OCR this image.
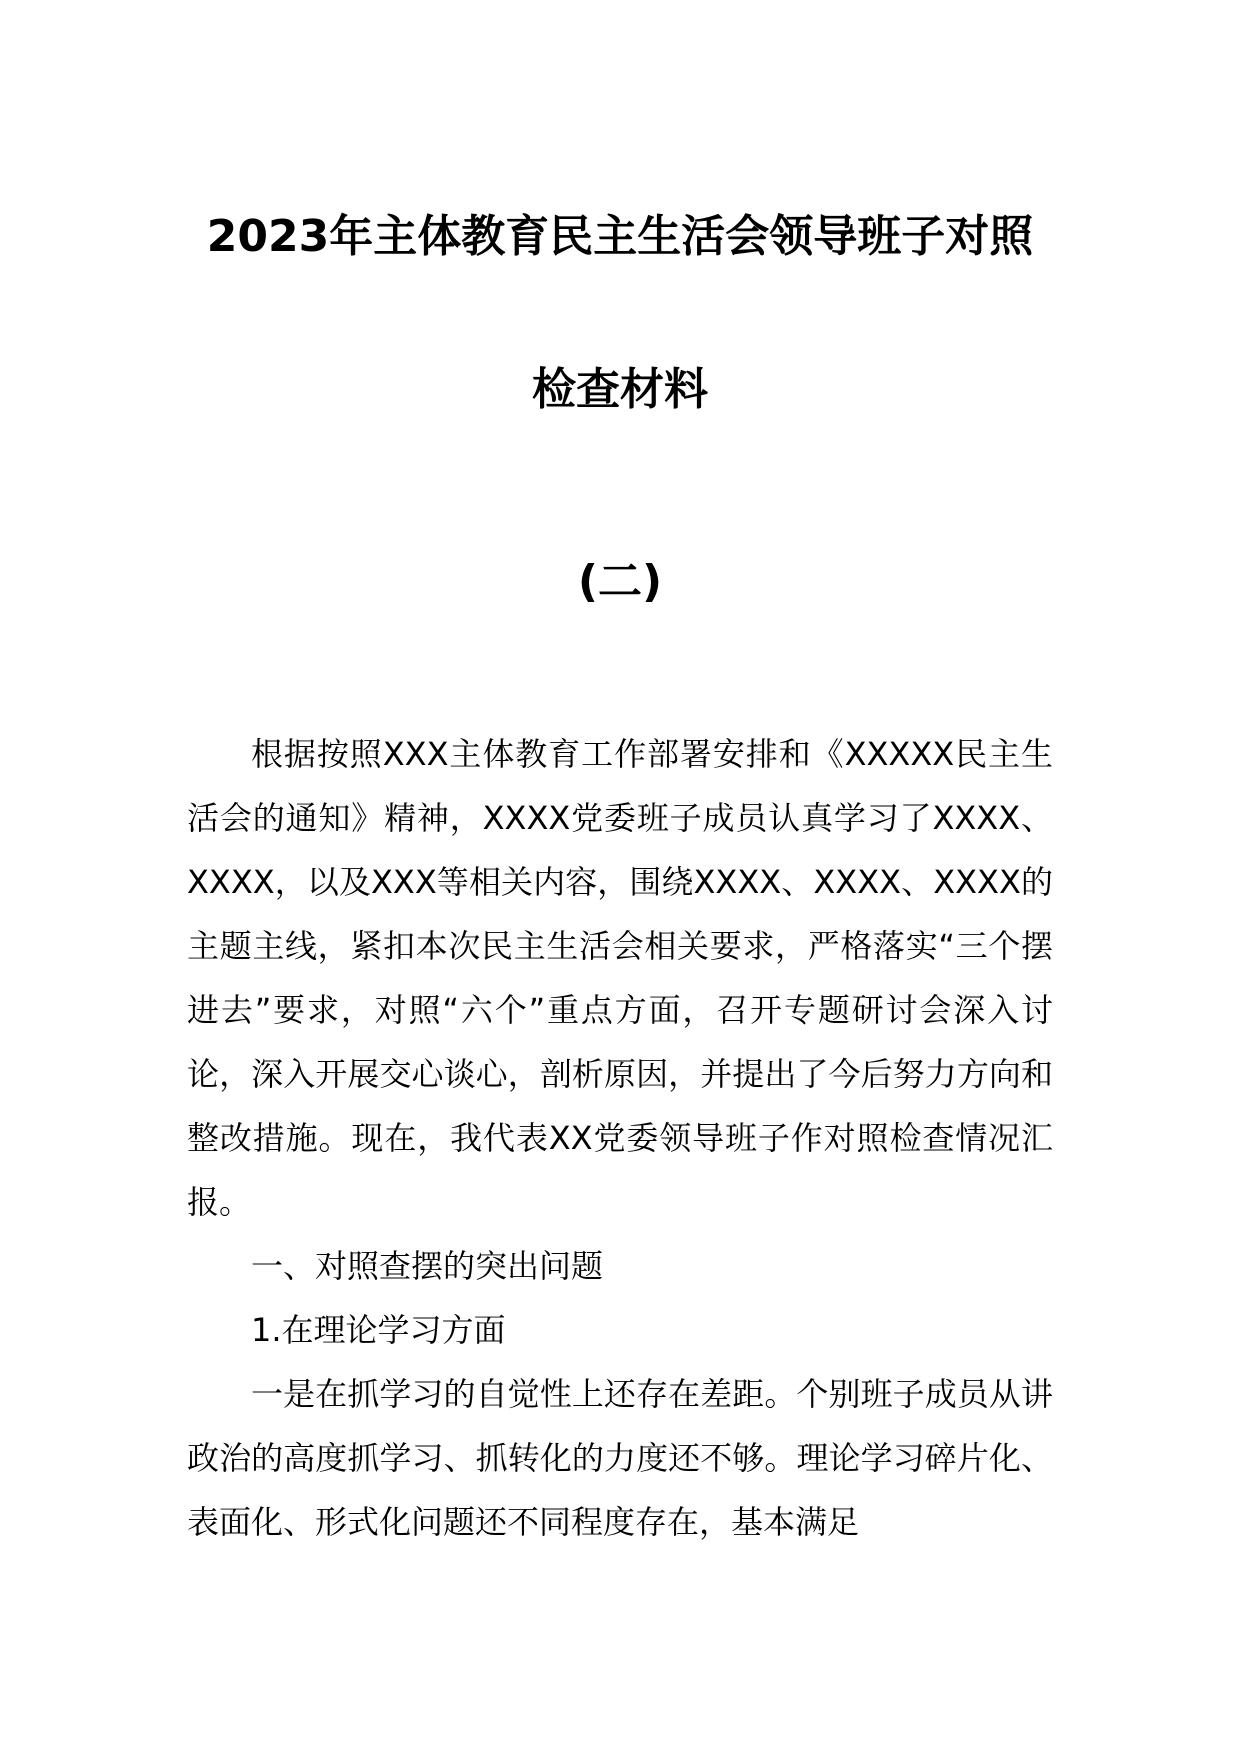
2023年主体教育民主生活会领导班子对照
检查材料
(二)

根据按照XXX主体教育工作部署安排和《XXXXX民主生活会的通知》精神，XXXX党委班子成员认真学习了XXXX、XXXX，以及XXX等相关内容，围绕XXXX、XXXX、XXXX的主题主线，紧扣本次民主生活会相关要求，严格落实“三个摆进去”要求，对照“六个”重点方面，召开专题研讨会深入讨论，深入开展交心谈心，剖析原因，并提出了今后努力方向和整改措施。现在，我代表XX党委领导班子作对照检查情况汇报。

一、对照查摆的突出问题

1.在理论学习方面

一是在抓学习的自觉性上还存在差距。个别班子成员从讲政治的高度抓学习、抓转化的力度还不够。理论学习碎片化、表面化、形式化问题还不同程度存在，基本满足
